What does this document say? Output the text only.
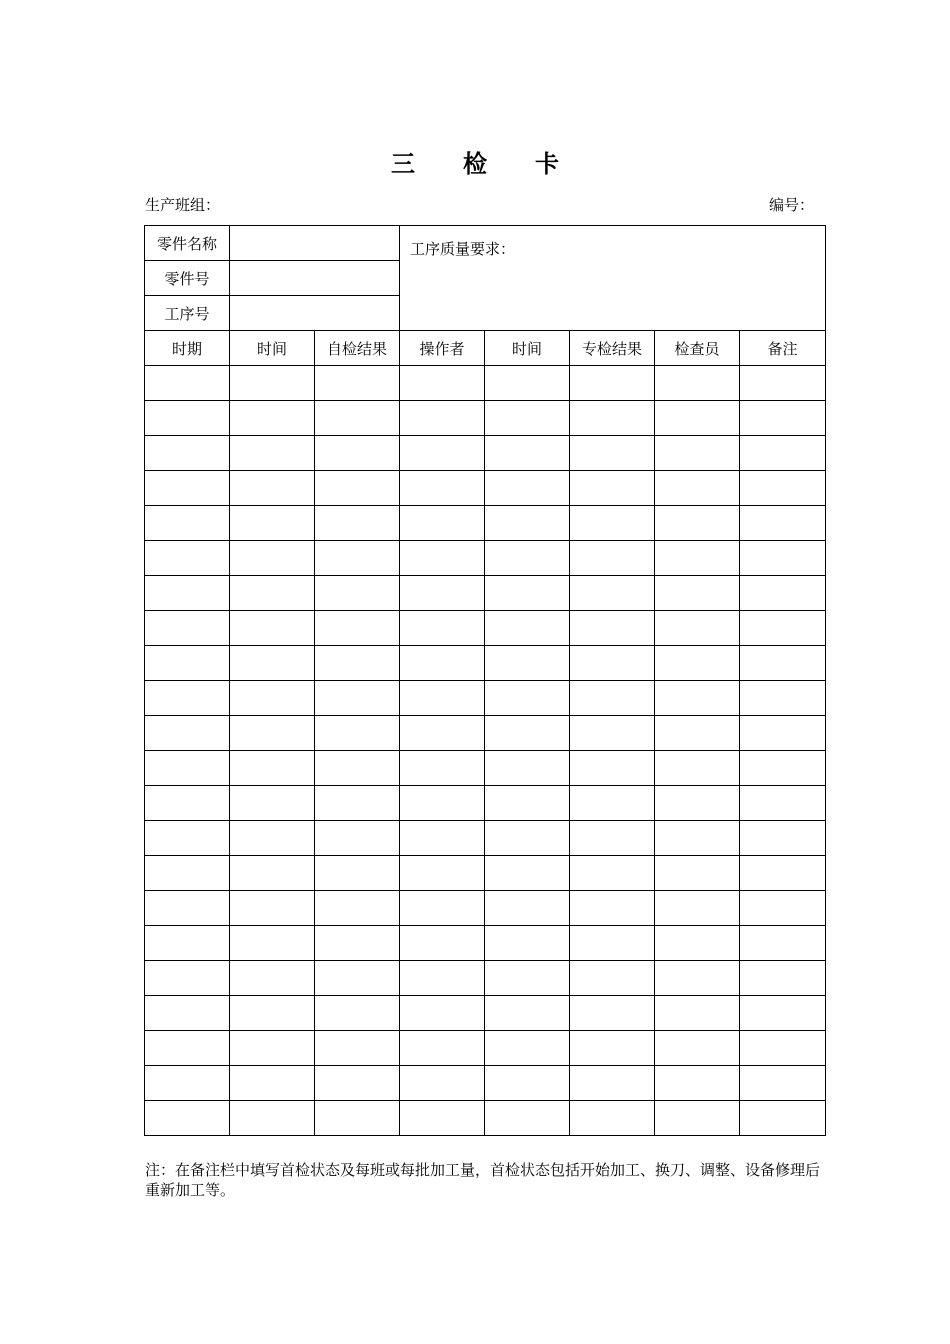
三 检 卡
生产班组：	编号：
零件名称			工序质量要求：				
零件号							
工序号							
时期	时间	自检结果	操作者	时间	专检结果	检查员	备注

注：在备注栏中填写首检状态及每班或每批加工量，首检状态包括开始加工、换刀、调整、设备修理后重新加工等。
